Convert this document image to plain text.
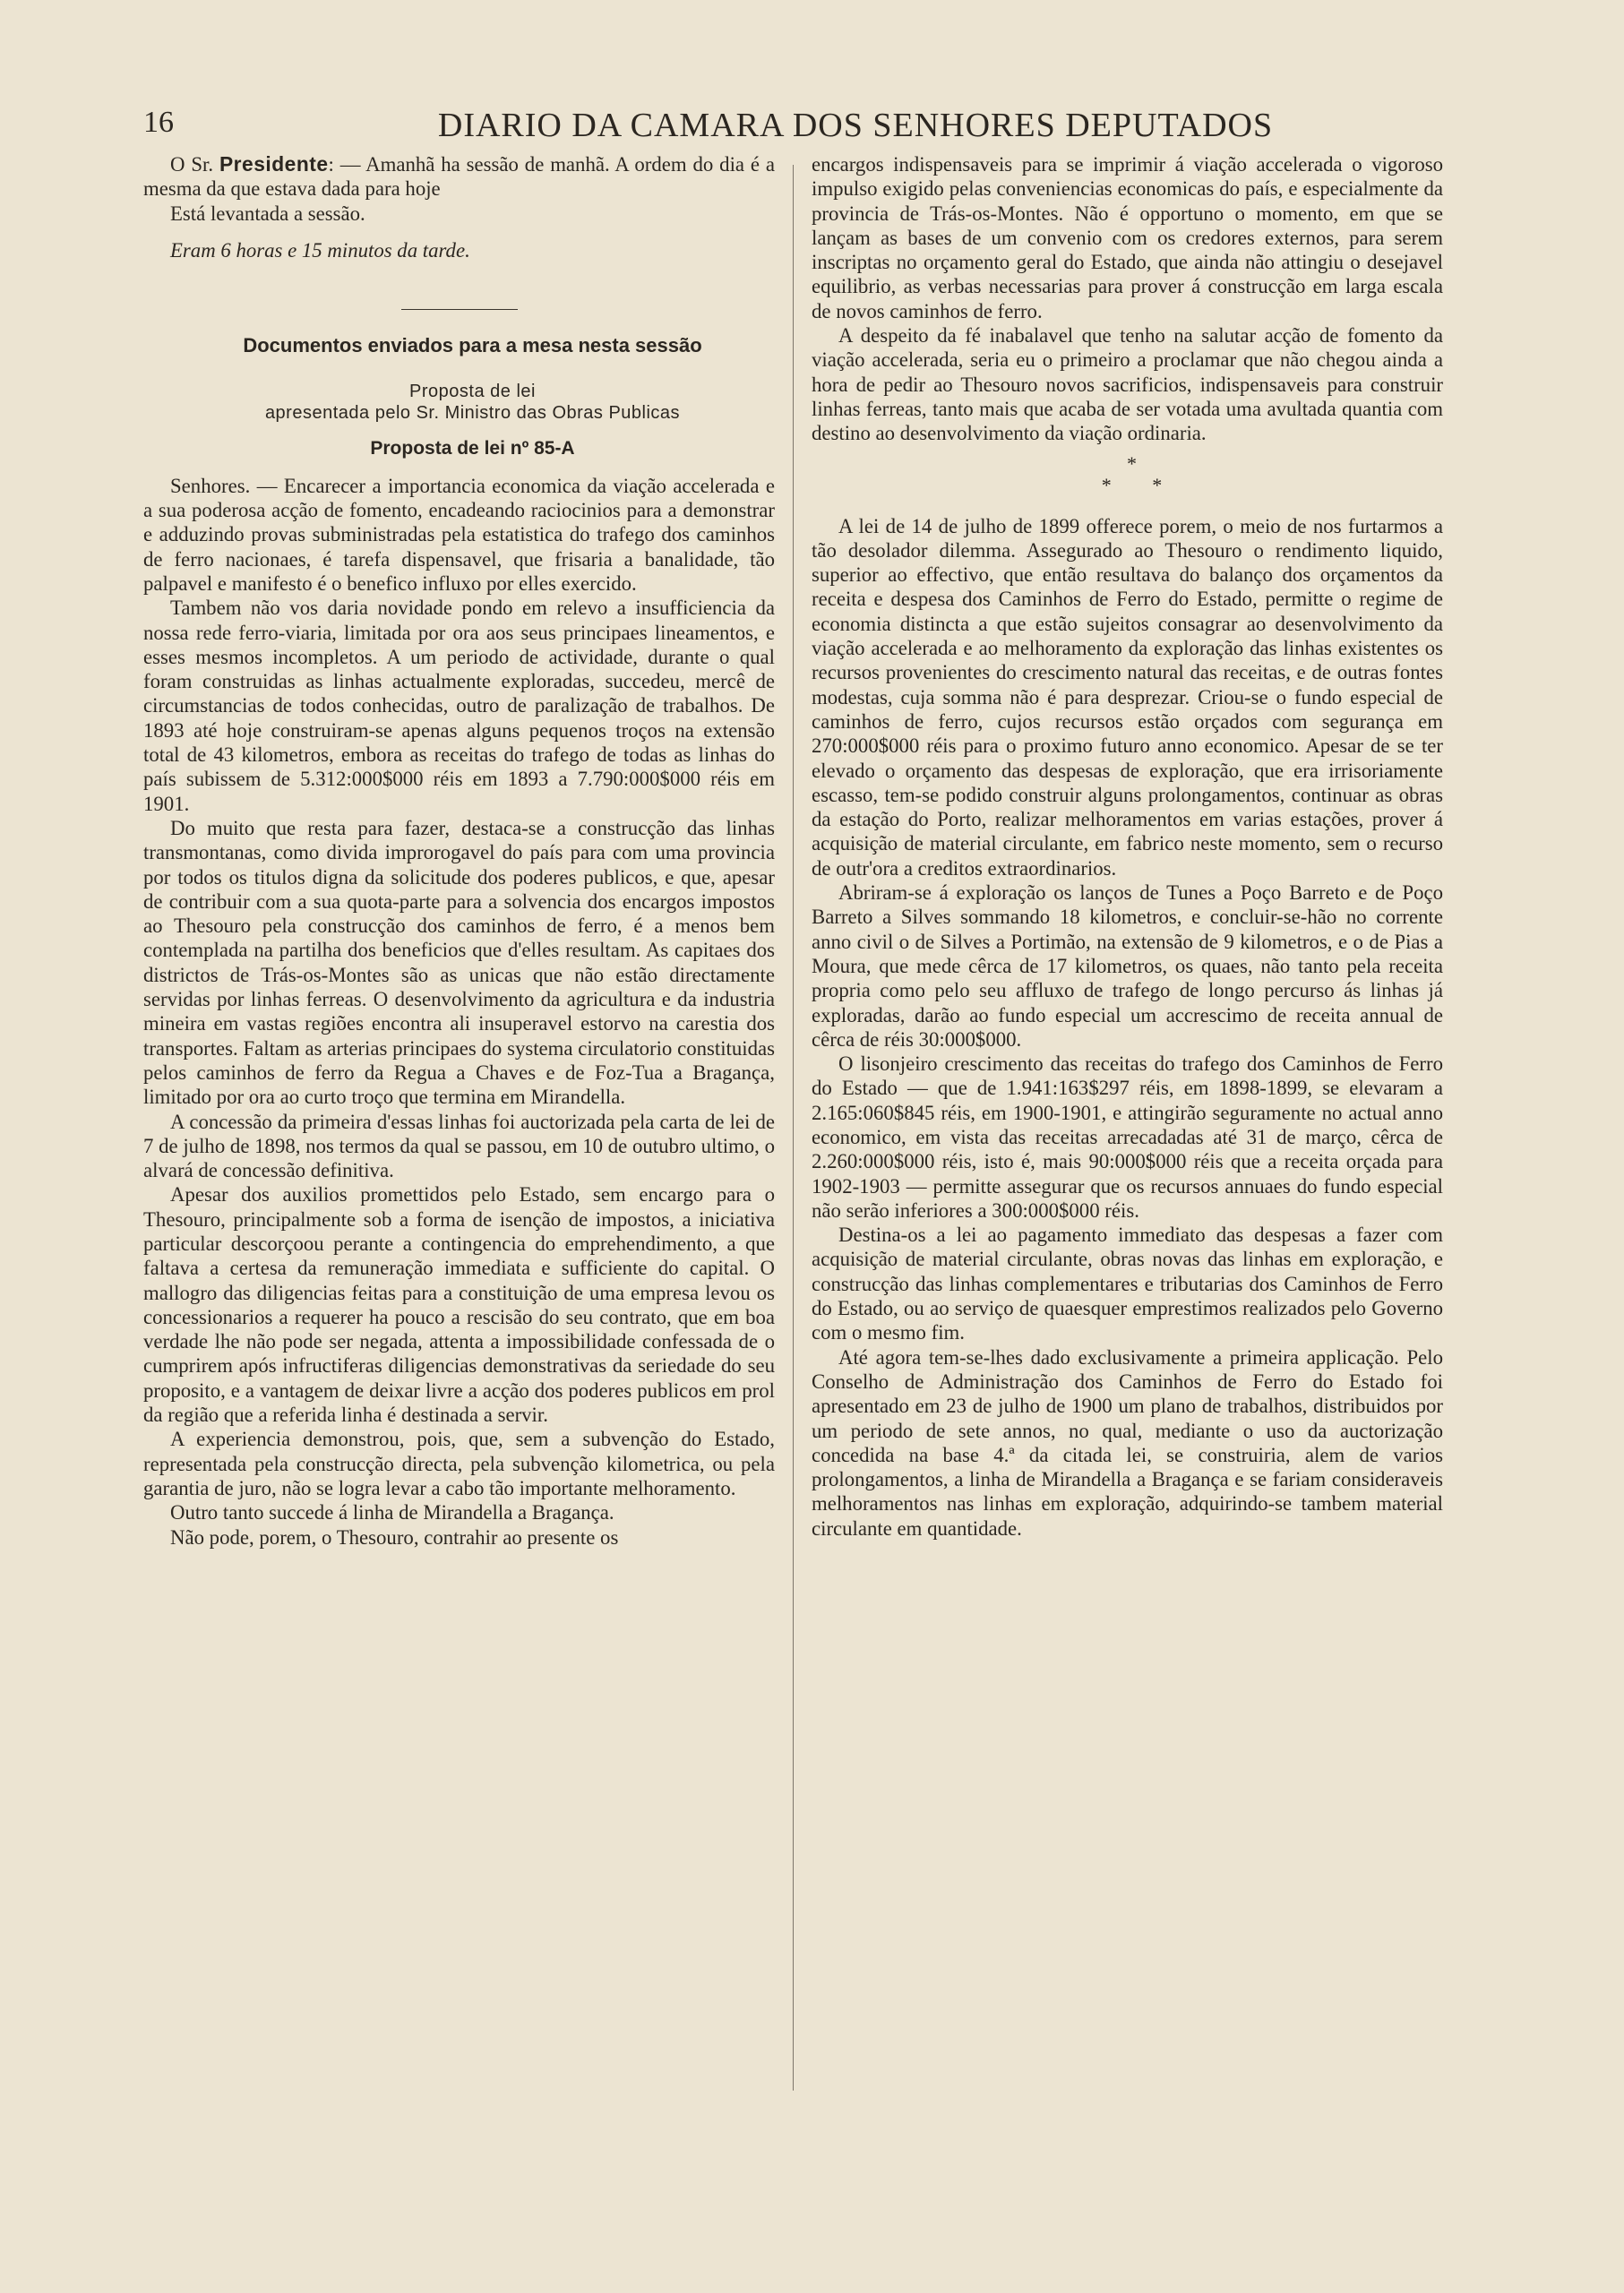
16	DIARIO DA CAMARA DOS SENHORES DEPUTADOS

O Sr. Presidente: — Amanhã ha sessão de manhã. A ordem do dia é a mesma da que estava dada para hoje

Está levantada a sessão.

Eram 6 horas e 15 minutos da tarde.

Documentos enviados para a mesa nesta sessão

Proposta de lei

apresentada pelo Sr. Ministro das Obras Publicas

Proposta de lei nº 85-A

Senhores. — Encarecer a importancia economica da viação accelerada e a sua poderosa acção de fomento, encadeando raciocinios para a demonstrar e adduzindo provas subministradas pela estatistica do trafego dos caminhos de ferro nacionaes, é tarefa dispensavel, que frisaria a banalidade, tão palpavel e manifesto é o benefico influxo por elles exercido.

Tambem não vos daria novidade pondo em relevo a insufficiencia da nossa rede ferro-viaria, limitada por ora aos seus principaes lineamentos, e esses mesmos incompletos. A um periodo de actividade, durante o qual foram construidas as linhas actualmente exploradas, succedeu, mercê de circumstancias de todos conhecidas, outro de paralização de trabalhos. De 1893 até hoje construiram-se apenas alguns pequenos troços na extensão total de 43 kilometros, embora as receitas do trafego de todas as linhas do país subissem de 5.312:000$000 réis em 1893 a 7.790:000$000 réis em 1901.

Do muito que resta para fazer, destaca-se a construcção das linhas transmontanas, como divida improrogavel do país para com uma provincia por todos os titulos digna da solicitude dos poderes publicos, e que, apesar de contribuir com a sua quota-parte para a solvencia dos encargos impostos ao Thesouro pela construcção dos caminhos de ferro, é a menos bem contemplada na partilha dos beneficios que d'elles resultam. As capitaes dos districtos de Trás-os-Montes são as unicas que não estão directamente servidas por linhas ferreas. O desenvolvimento da agricultura e da industria mineira em vastas regiões encontra ali insuperavel estorvo na carestia dos transportes. Faltam as arterias principaes do systema circulatorio constituidas pelos caminhos de ferro da Regua a Chaves e de Foz-Tua a Bragança, limitado por ora ao curto troço que termina em Mirandella.

A concessão da primeira d'essas linhas foi auctorizada pela carta de lei de 7 de julho de 1898, nos termos da qual se passou, em 10 de outubro ultimo, o alvará de concessão definitiva.

Apesar dos auxilios promettidos pelo Estado, sem encargo para o Thesouro, principalmente sob a forma de isenção de impostos, a iniciativa particular descorçoou perante a contingencia do emprehendimento, a que faltava a certesa da remuneração immediata e sufficiente do capital. O mallogro das diligencias feitas para a constituição de uma empresa levou os concessionarios a requerer ha pouco a rescisão do seu contrato, que em boa verdade lhe não pode ser negada, attenta a impossibilidade confessada de o cumprirem após infructiferas diligencias demonstrativas da seriedade do seu proposito, e a vantagem de deixar livre a acção dos poderes publicos em prol da região que a referida linha é destinada a servir.

A experiencia demonstrou, pois, que, sem a subvenção do Estado, representada pela construcção directa, pela subvenção kilometrica, ou pela garantia de juro, não se logra levar a cabo tão importante melhoramento.

Outro tanto succede á linha de Mirandella a Bragança.

Não pode, porem, o Thesouro, contrahir ao presente os

encargos indispensaveis para se imprimir á viação accelerada o vigoroso impulso exigido pelas conveniencias economicas do país, e especialmente da provincia de Trás-os-Montes. Não é opportuno o momento, em que se lançam as bases de um convenio com os credores externos, para serem inscriptas no orçamento geral do Estado, que ainda não attingiu o desejavel equilibrio, as verbas necessarias para prover á construcção em larga escala de novos caminhos de ferro.

A despeito da fé inabalavel que tenho na salutar acção de fomento da viação accelerada, seria eu o primeiro a proclamar que não chegou ainda a hora de pedir ao Thesouro novos sacrificios, indispensaveis para construir linhas ferreas, tanto mais que acaba de ser votada uma avultada quantia com destino ao desenvolvimento da viação ordinaria.

*
* *

A lei de 14 de julho de 1899 offerece porem, o meio de nos furtarmos a tão desolador dilemma. Assegurado ao Thesouro o rendimento liquido, superior ao effectivo, que então resultava do balanço dos orçamentos da receita e despesa dos Caminhos de Ferro do Estado, permitte o regime de economia distincta a que estão sujeitos consagrar ao desenvolvimento da viação accelerada e ao melhoramento da exploração das linhas existentes os recursos provenientes do crescimento natural das receitas, e de outras fontes modestas, cuja somma não é para desprezar. Criou-se o fundo especial de caminhos de ferro, cujos recursos estão orçados com segurança em 270:000$000 réis para o proximo futuro anno economico. Apesar de se ter elevado o orçamento das despesas de exploração, que era irrisoriamente escasso, tem-se podido construir alguns prolongamentos, continuar as obras da estação do Porto, realizar melhoramentos em varias estações, prover á acquisição de material circulante, em fabrico neste momento, sem o recurso de outr'ora a creditos extraordinarios.

Abriram-se á exploração os lanços de Tunes a Poço Barreto e de Poço Barreto a Silves sommando 18 kilometros, e concluir-se-hão no corrente anno civil o de Silves a Portimão, na extensão de 9 kilometros, e o de Pias a Moura, que mede cêrca de 17 kilometros, os quaes, não tanto pela receita propria como pelo seu affluxo de trafego de longo percurso ás linhas já exploradas, darão ao fundo especial um accrescimo de receita annual de cêrca de réis 30:000$000.

O lisonjeiro crescimento das receitas do trafego dos Caminhos de Ferro do Estado — que de 1.941:163$297 réis, em 1898-1899, se elevaram a 2.165:060$845 réis, em 1900-1901, e attingirão seguramente no actual anno economico, em vista das receitas arrecadadas até 31 de março, cêrca de 2.260:000$000 réis, isto é, mais 90:000$000 réis que a receita orçada para 1902-1903 — permitte assegurar que os recursos annuaes do fundo especial não serão inferiores a 300:000$000 réis.

Destina-os a lei ao pagamento immediato das despesas a fazer com acquisição de material circulante, obras novas das linhas em exploração, e construcção das linhas complementares e tributarias dos Caminhos de Ferro do Estado, ou ao serviço de quaesquer emprestimos realizados pelo Governo com o mesmo fim.

Até agora tem-se-lhes dado exclusivamente a primeira applicação. Pelo Conselho de Administração dos Caminhos de Ferro do Estado foi apresentado em 23 de julho de 1900 um plano de trabalhos, distribuidos por um periodo de sete annos, no qual, mediante o uso da auctorização concedida na base 4.ª da citada lei, se construiria, alem de varios prolongamentos, a linha de Mirandella a Bragança e se fariam consideraveis melhoramentos nas linhas em exploração, adquirindo-se tambem material circulante em quantidade.
